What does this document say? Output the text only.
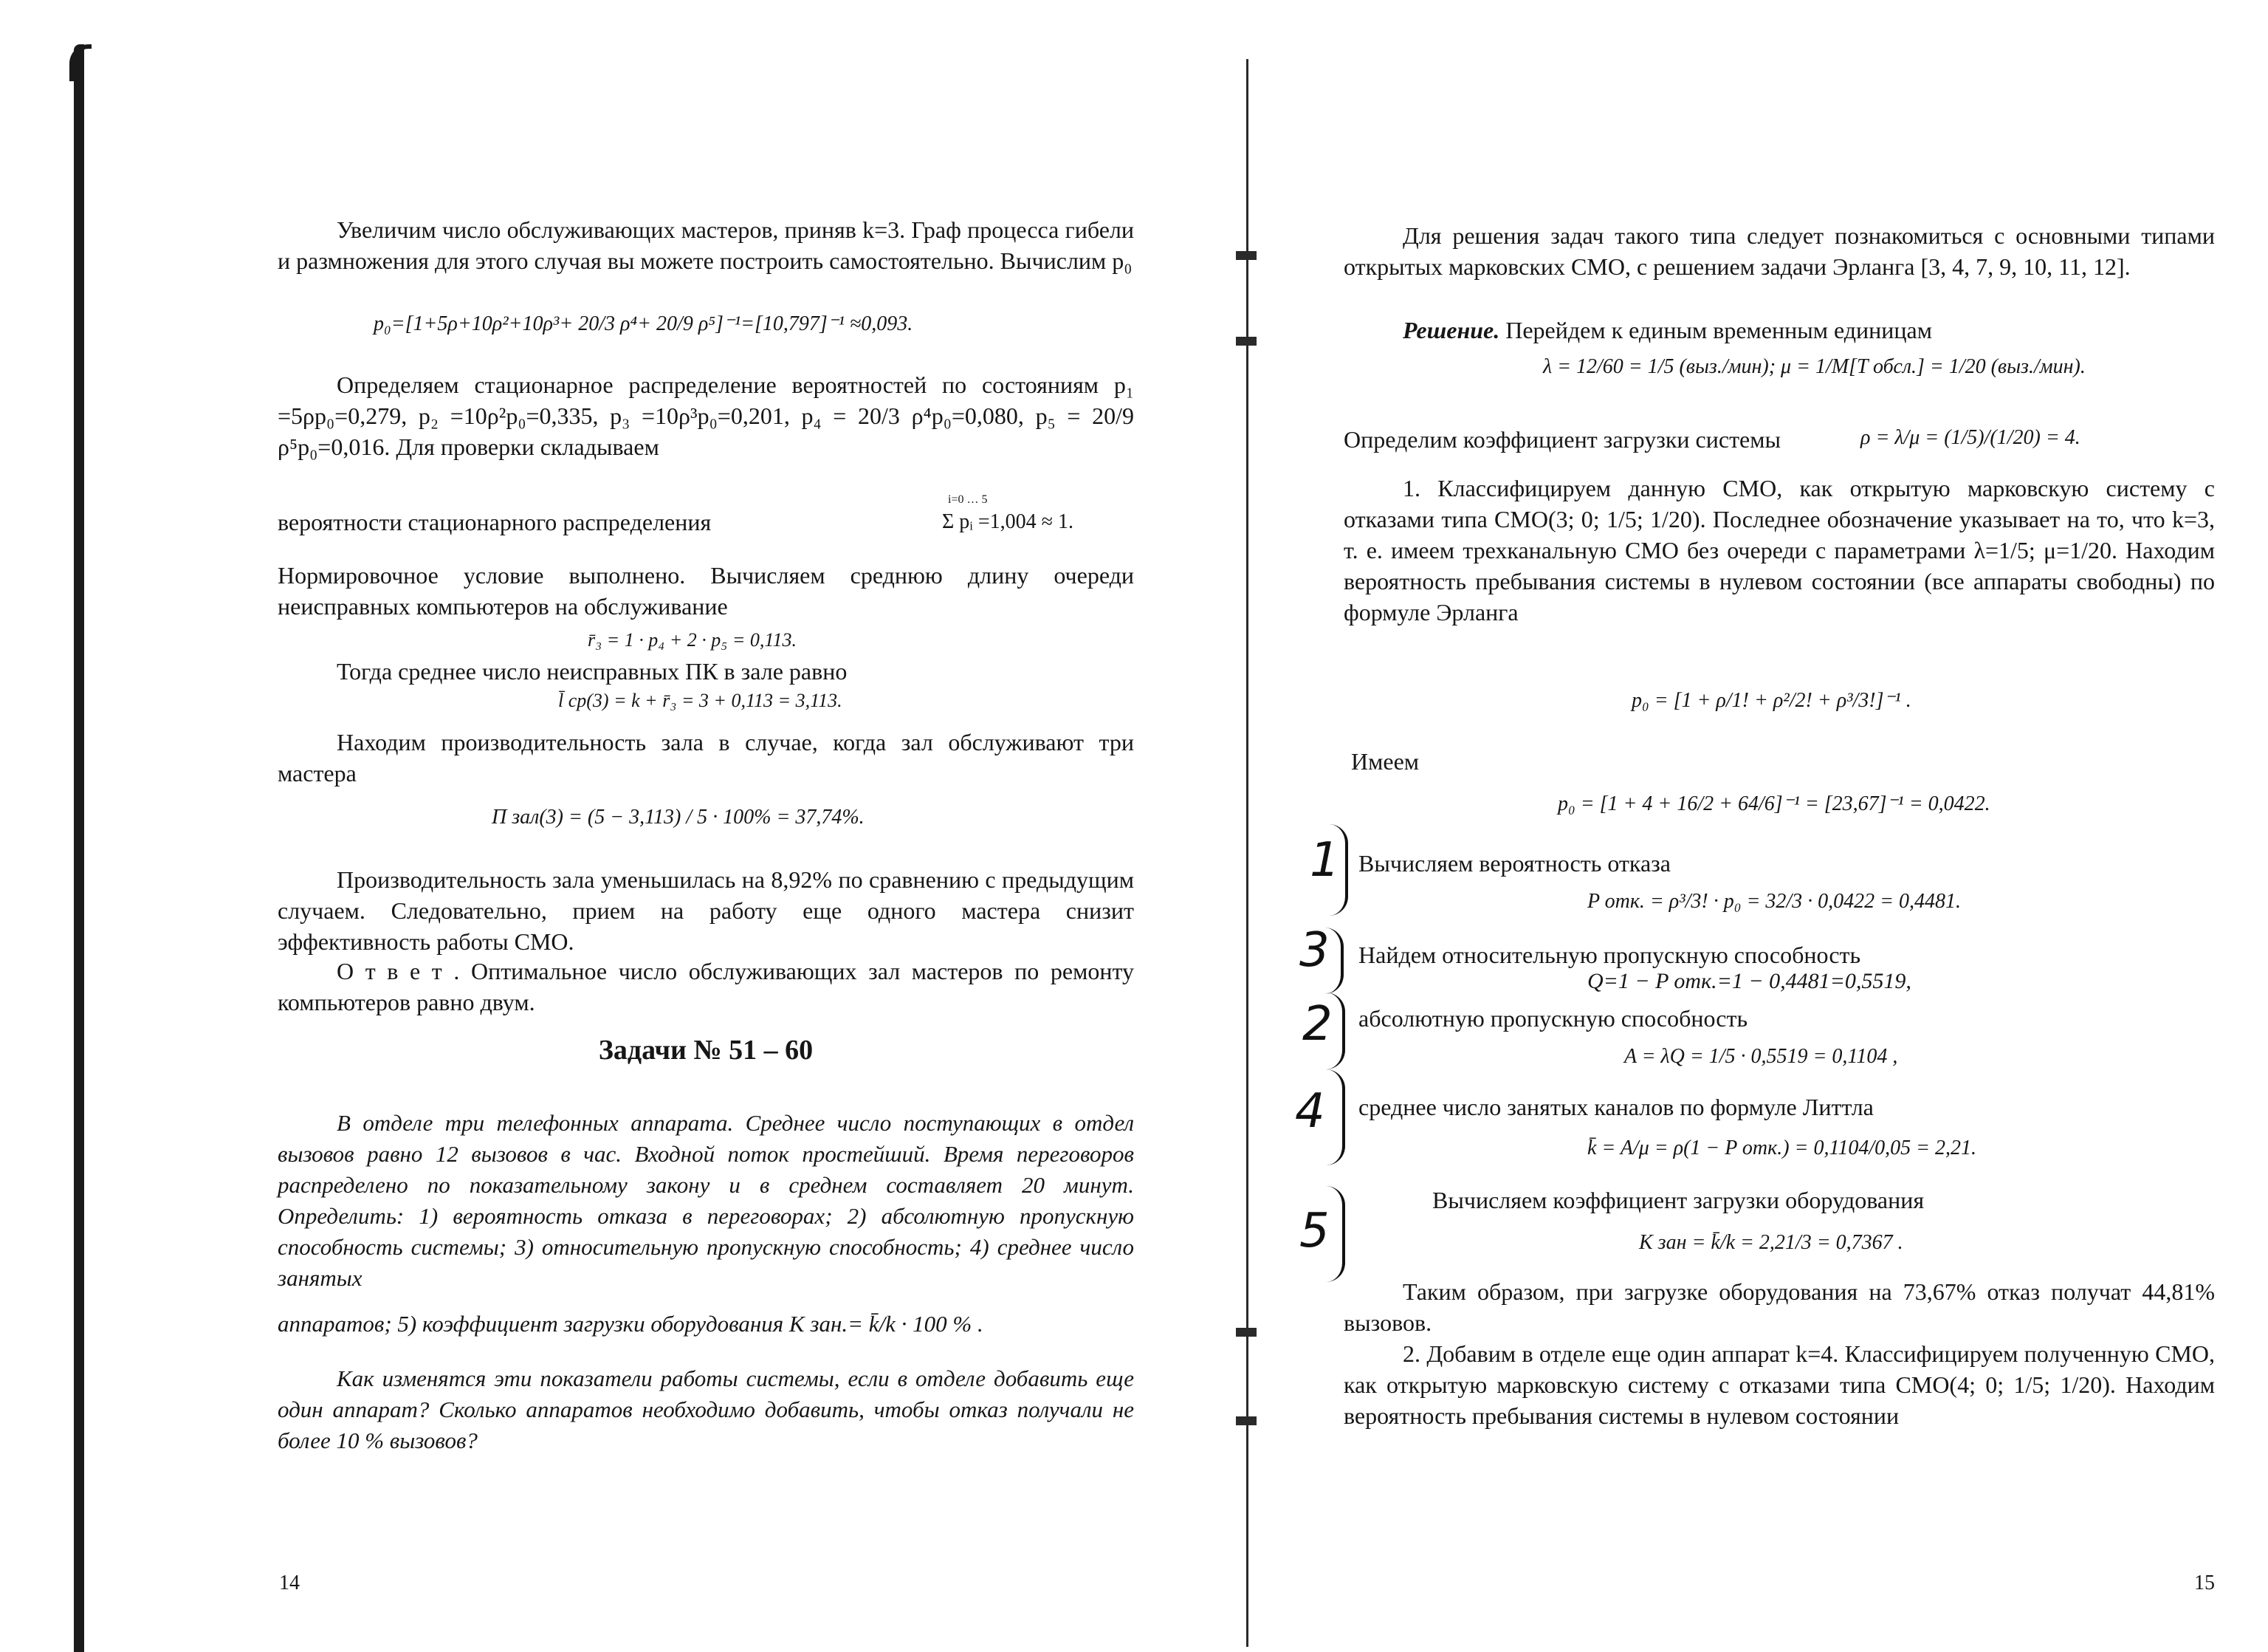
Увеличим число обслуживающих мастеров, приняв k=3. Граф процесса гибели и размножения для этого случая вы можете построить самостоятельно. Вычислим p₀

p₀=[1+5ρ+10ρ²+10ρ³+ 20/3 ρ⁴+ 20/9 ρ⁵]⁻¹=[10,797]⁻¹ ≈0,093.

Определяем стационарное распределение вероятностей по состояниям p₁ =5ρp₀=0,279, p₂ =10ρ²p₀=0,335, p₃ =10ρ³p₀=0,201, p₄ = 20/3 ρ⁴p₀=0,080, p₅ = 20/9 ρ⁵p₀=0,016. Для проверки складываем

вероятности стационарного распределения	Σ pᵢ =1,004 ≈ 1.
i=0 … 5

Нормировочное условие выполнено. Вычисляем среднюю длину очереди неисправных компьютеров на обслуживание

r̄₃ = 1 · p₄ + 2 · p₅ = 0,113.

Тогда среднее число неисправных ПК в зале равно

l̄ ср(3) = k + r̄₃ = 3 + 0,113 = 3,113.

Находим производительность зала в случае, когда зал обслуживают три мастера

П зал(3) = (5 − 3,113) / 5 · 100% = 37,74%.

Производительность зала уменьшилась на 8,92% по сравнению с предыдущим случаем. Следовательно, прием на работу еще одного мастера снизит эффективность работы СМО.

О т в е т . Оптимальное число обслуживающих зал мастеров по ремонту компьютеров равно двум.

Задачи № 51 – 60

В отделе три телефонных аппарата. Среднее число поступающих в отдел вызовов равно 12 вызовов в час. Входной поток простейший. Время переговоров распределено по показательному закону и в среднем составляет 20 минут. Определить: 1) вероятность отказа в переговорах; 2) абсолютную пропускную способность системы; 3) относительную пропускную способность; 4) среднее число занятых

аппаратов; 5) коэффициент загрузки оборудования K зан.= k̄/k · 100 % .

Как изменятся эти показатели работы системы, если в отделе добавить еще один аппарат? Сколько аппаратов необходимо добавить, чтобы отказ получали не более 10 % вызовов?

14

Для решения задач такого типа следует познакомиться с основными типами открытых марковских СМО, с решением задачи Эрланга [3, 4, 7, 9, 10, 11, 12].

Решение. Перейдем к единым временным единицам

λ = 12/60 = 1/5 (выз./мин); μ = 1/M[T обсл.] = 1/20 (выз./мин).

Определим коэффициент загрузки системы	ρ = λ/μ = (1/5)/(1/20) = 4.

1. Классифицируем данную СМО, как открытую марковскую систему с отказами типа СМО(3; 0; 1/5; 1/20). Последнее обозначение указывает на то, что k=3, т. е. имеем трехканальную СМО без очереди с параметрами λ=1/5; μ=1/20. Находим вероятность пребывания системы в нулевом состоянии (все аппараты свободны) по формуле Эрланга

p₀ = [1 + ρ/1! + ρ²/2! + ρ³/3!]⁻¹ .

Имеем

p₀ = [1 + 4 + 16/2 + 64/6]⁻¹ = [23,67]⁻¹ = 0,0422.

Вычисляем вероятность отказа

P отк. = ρ³/3! · p₀ = 32/3 · 0,0422 = 0,4481.

Найдем относительную пропускную способность

Q=1 − P отк.=1 − 0,4481=0,5519,

абсолютную пропускную способность

A = λQ = 1/5 · 0,5519 = 0,1104 ,

среднее число занятых каналов по формуле Литтла

k̄ = A/μ = ρ(1 − P отк.) = 0,1104/0,05 = 2,21.

Вычисляем коэффициент загрузки оборудования

K зан = k̄/k = 2,21/3 = 0,7367 .

Таким образом, при загрузке оборудования на 73,67% отказ получат 44,81% вызовов.

2. Добавим в отделе еще один аппарат k=4. Классифицируем полученную СМО, как открытую марковскую систему с отказами типа СМО(4; 0; 1/5; 1/20). Находим вероятность пребывания системы в нулевом состоянии

15
1
3
2
4
5
